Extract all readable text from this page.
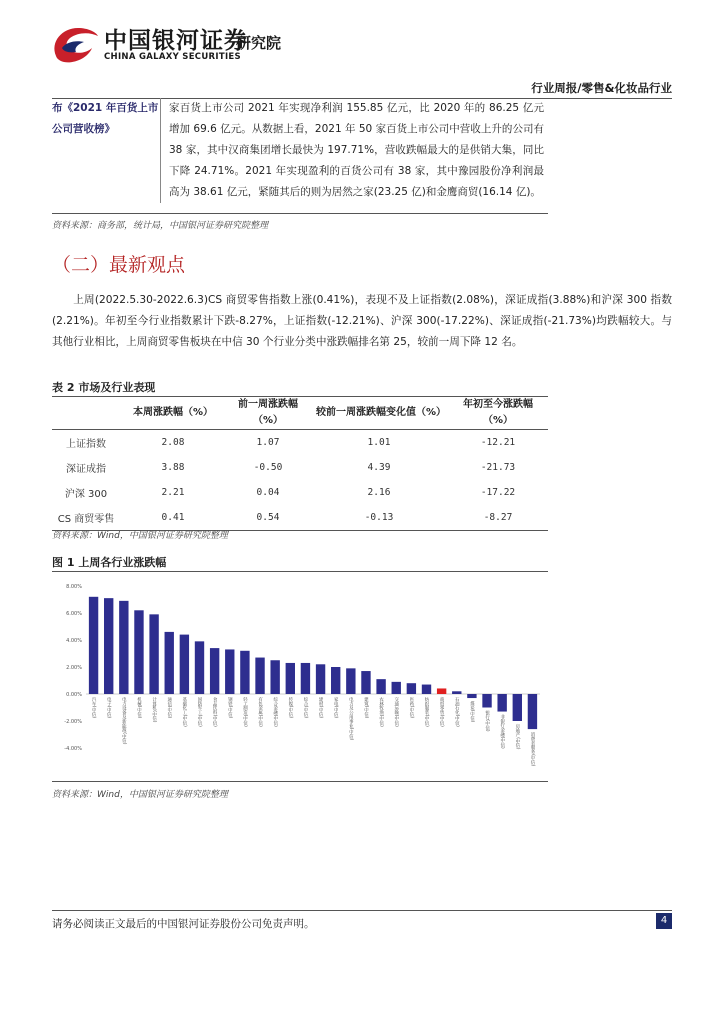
中国银河证券
研究院
CHINA GALAXY SECURITIES
行业周报/零售&化妆品行业
布《2021 年百货上市公司营收榜》	家百货上市公司 2021 年实现净利润 155.85 亿元，比 2020 年的 86.25 亿元增加 69.6 亿元。从数据上看，2021 年 50 家百货上市公司中营收上升的公司有 38 家，其中汉商集团增长最快为 197.71%，营收跌幅最大的是供销大集，同比下降 24.71%。2021 年实现盈利的百货公司有 38 家，其中豫园股份净利润最高为 38.61 亿元，紧随其后的则为居然之家(23.25 亿)和金鹰商贸(16.14 亿)。
资料来源：商务部，统计局，中国银河证券研究院整理
（二）最新观点
上周(2022.5.30-2022.6.3)CS 商贸零售指数上涨(0.41%)，表现不及上证指数(2.08%)，深证成指(3.88%)和沪深 300 指数(2.21%)。年初至今行业指数累计下跌-8.27%，上证指数(-12.21%)、沪深 300(-17.22%)、深证成指(-21.73%)均跌幅较大。与其他行业相比，上周商贸零售板块在中信 30 个行业分类中涨跌幅排名第 25，较前一周下降 12 名。
表 2 市场及行业表现
	本周涨跌幅（%）	前一周涨跌幅（%）	较前一周涨跌幅变化值（%）	年初至今涨跌幅（%）
上证指数	2.08	1.07	1.01	-12.21
深证成指	3.88	-0.50	4.39	-21.73
沪深 300	2.21	0.04	2.16	-17.22
CS 商贸零售	0.41	0.54	-0.13	-8.27
资料来源：Wind，中国银河证券研究院整理
图 1 上周各行业涨跌幅
8.00%
6.00%
4.00%
2.00%
0.00%
-2.00%
-4.00%
汽车(中信) 电子(中信) 电力设备及新能源(中信) 机械(中信) 计算机(中信) 通信(中信) 基础化工(中信) 国防军工(中信) 食品饮料(中信) 钢铁(中信) 轻工制造(中信) 有色金属(中信) 综合金融(中信) 传媒(中信) 综合(中信) 建材(中信) 家电(中信) 电力及公用事业(中信) 建筑(中信) 农林牧渔(中信) 交通运输(中信) 医药(中信) 纺织服装(中信) 商贸零售(中信) 石油石化(中信) 煤炭(中信) 银行(中信) 非银行金融(中信) 房地产(中信) 消费者服务(中信)
资料来源：Wind，中国银河证券研究院整理
请务必阅读正文最后的中国银河证券股份公司免责声明。	4
